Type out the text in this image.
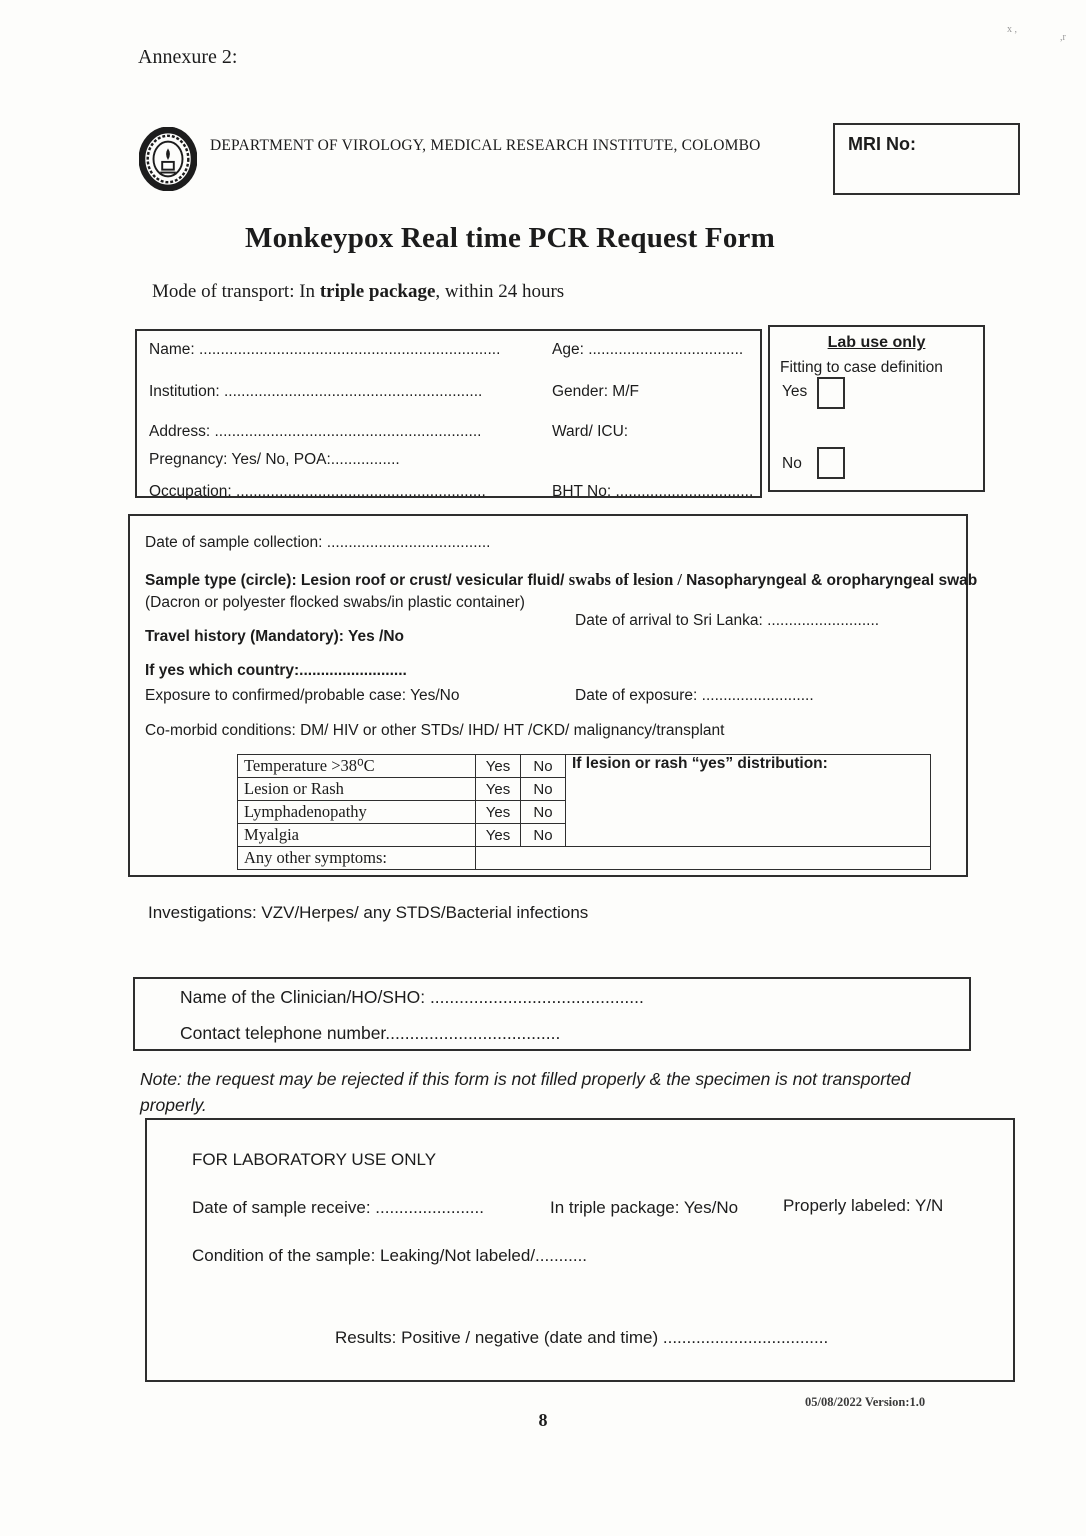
x ,
,r
Annexure 2:
DEPARTMENT OF VIROLOGY, MEDICAL RESEARCH INSTITUTE, COLOMBO	MRI No:
Monkeypox Real time PCR Request Form
Mode of transport: In triple package, within 24 hours
Name: ......................................................................	Age: ....................................
Institution: ............................................................	Gender: M/F
Address: ..............................................................	Ward/ ICU:
Pregnancy: Yes/ No, POA:................
Occupation: ..........................................................	BHT No: ................................
Lab use only
Fitting to case definition
Yes
No
Date of sample collection: ......................................
Sample type (circle): Lesion roof or crust/ vesicular fluid/ swabs of lesion / Nasopharyngeal & oropharyngeal swab
(Dacron or polyester flocked swabs/in plastic container)
Date of arrival to Sri Lanka: ..........................
Travel history (Mandatory): Yes /No
If yes which country:.........................
Exposure to confirmed/probable case: Yes/No	Date of exposure: ..........................
Co-morbid conditions: DM/ HIV or other STDs/ IHD/ HT /CKD/ malignancy/transplant
Temperature >38⁰C	Yes	No	If lesion or rash “yes” distribution:
Lesion or Rash	Yes	No	
Lymphadenopathy	Yes	No	
Myalgia	Yes	No	
Any other symptoms:			
Investigations: VZV/Herpes/ any STDS/Bacterial infections
Name of the Clinician/HO/SHO: ............................................
Contact telephone number....................................
Note: the request may be rejected if this form is not filled properly & the specimen is not transported
properly.
FOR LABORATORY USE ONLY
Date of sample receive: .......................	In triple package: Yes/No	Properly labeled: Y/N
Condition of the sample: Leaking/Not labeled/...........
Results: Positive / negative (date and time) ...................................
05/08/2022 Version:1.0
8
